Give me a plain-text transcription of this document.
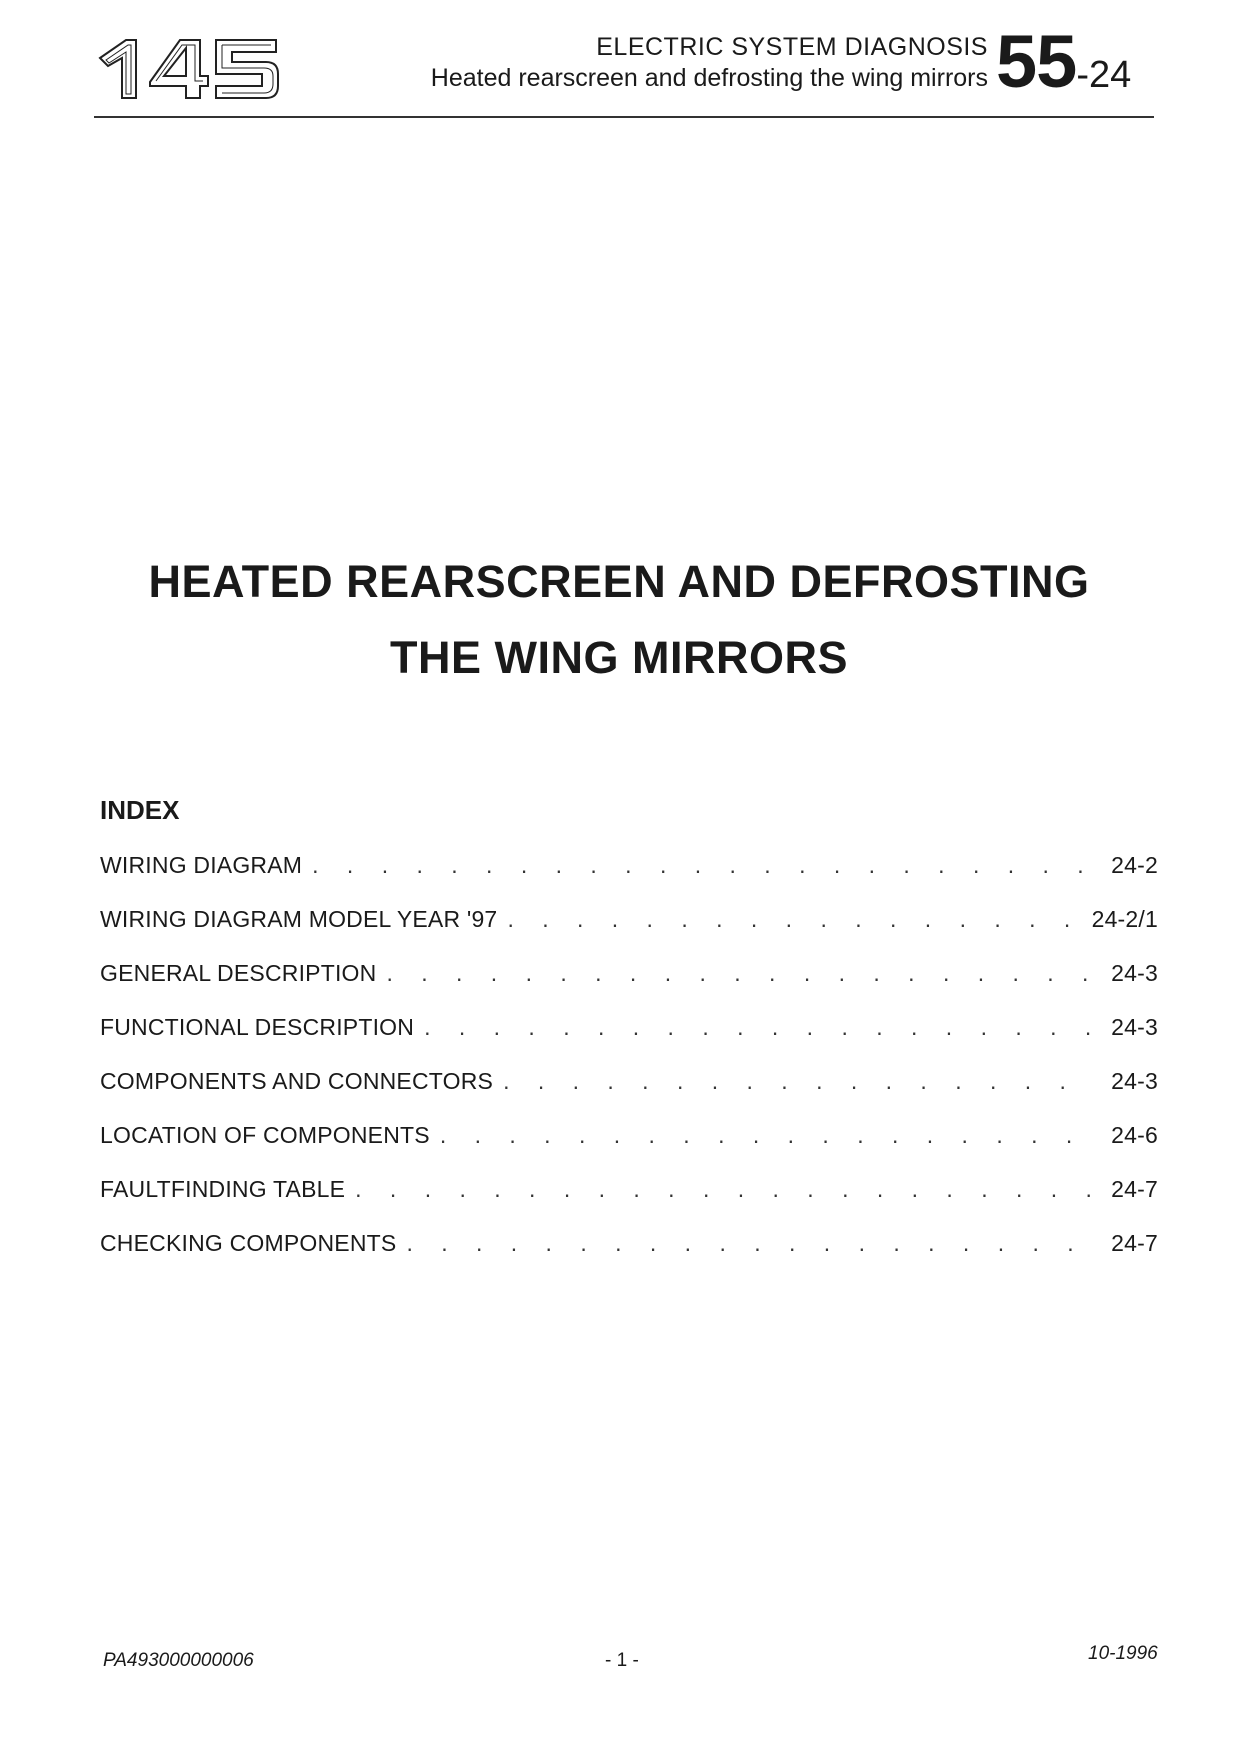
ELECTRIC SYSTEM DIAGNOSIS
Heated rearscreen and defrosting the wing mirrors 55-24
HEATED REARSCREEN AND DEFROSTING
THE WING MIRRORS
INDEX
WIRING DIAGRAM . . .	24-2
WIRING DIAGRAM MODEL YEAR '97 . . .	24-2/1
GENERAL DESCRIPTION . . .	24-3
FUNCTIONAL DESCRIPTION . . .	24-3
COMPONENTS AND CONNECTORS . . .	24-3
LOCATION OF COMPONENTS . . .	24-6
FAULTFINDING TABLE . . .	24-7
CHECKING COMPONENTS . . .	24-7
PA493000000006	- 1 -	10-1996
